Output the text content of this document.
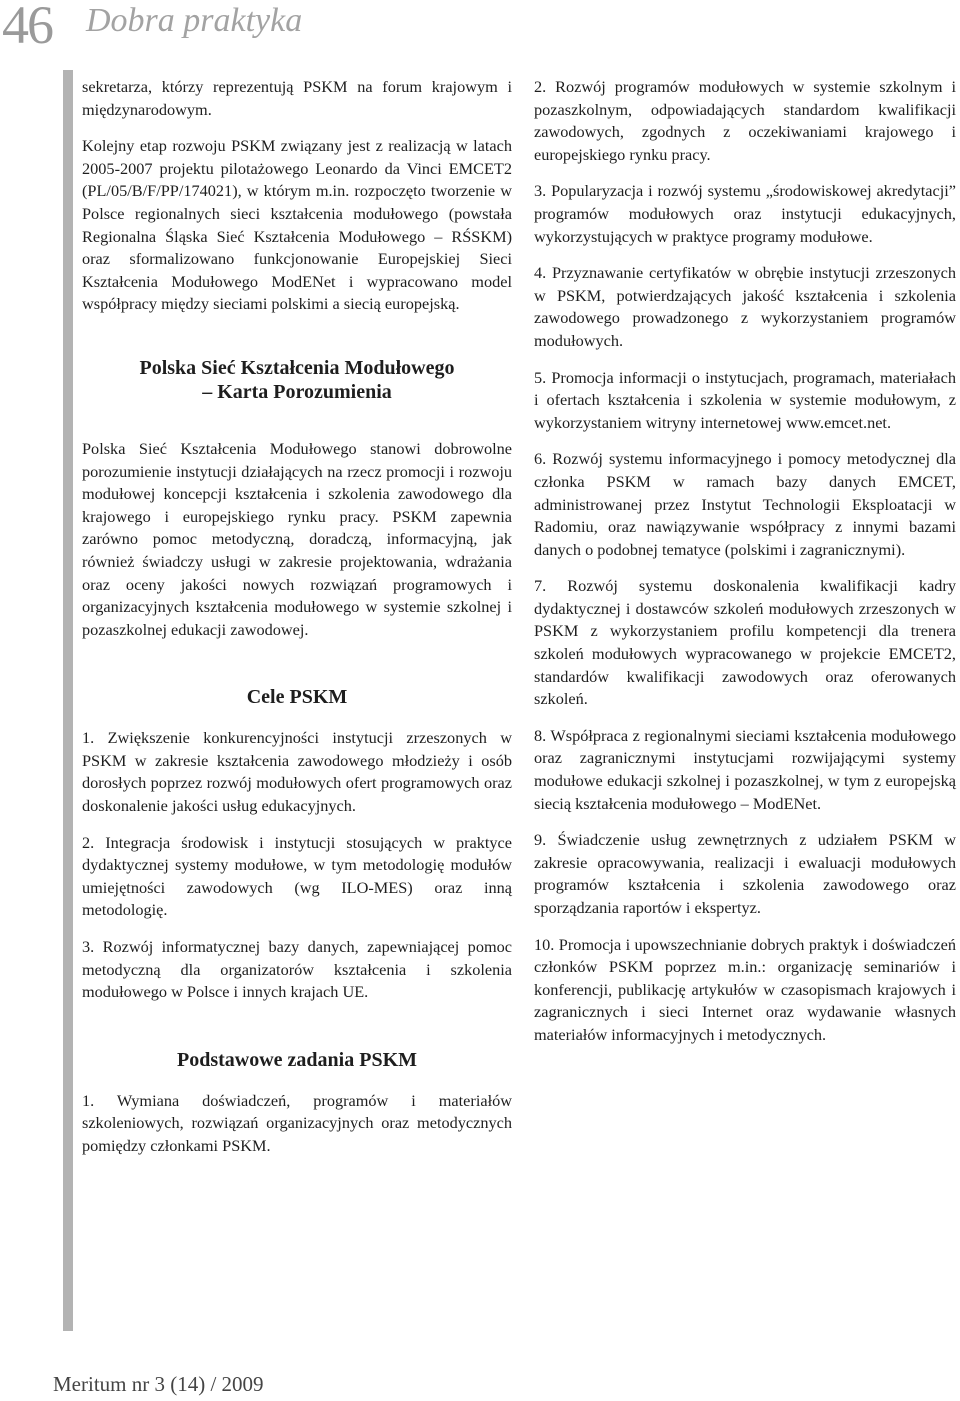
46 Dobra praktyka

sekretarza, którzy reprezentują PSKM na forum krajowym i międzynarodowym.

Kolejny etap rozwoju PSKM związany jest z realizacją w latach 2005-2007 projektu pilotażowego Leonardo da Vinci EMCET2 (PL/05/B/F/PP/174021), w którym m.in. rozpoczęto tworzenie w Polsce regionalnych sieci kształcenia modułowego (powstała Regionalna Śląska Sieć Kształcenia Modułowego – RŚSKM) oraz sformalizowano funkcjonowanie Europejskiej Sieci Kształcenia Modułowego ModENet i wypracowano model współpracy między sieciami polskimi a siecią europejską.

Polska Sieć Kształcenia Modułowego
– Karta Porozumienia

Polska Sieć Kształcenia Modułowego stanowi dobrowolne porozumienie instytucji działających na rzecz promocji i rozwoju modułowej koncepcji kształcenia i szkolenia zawodowego dla krajowego i europejskiego rynku pracy. PSKM zapewnia zarówno pomoc metodyczną, doradczą, informacyjną, jak również świadczy usługi w zakresie projektowania, wdrażania oraz oceny jakości nowych rozwiązań programowych i organizacyjnych kształcenia modułowego w systemie szkolnej i pozaszkolnej edukacji zawodowej.

Cele PSKM

1. Zwiększenie konkurencyjności instytucji zrzeszonych w PSKM w zakresie kształcenia zawodowego młodzieży i osób dorosłych poprzez rozwój modułowych ofert programowych oraz doskonalenie jakości usług edukacyjnych.

2. Integracja środowisk i instytucji stosujących w praktyce dydaktycznej systemy modułowe, w tym metodologię modułów umiejętności zawodowych (wg ILO-MES) oraz inną metodologię.

3. Rozwój informatycznej bazy danych, zapewniającej pomoc metodyczną dla organizatorów kształcenia i szkolenia modułowego w Polsce i innych krajach UE.

Podstawowe zadania PSKM

1. Wymiana doświadczeń, programów i materiałów szkoleniowych, rozwiązań organizacyjnych oraz metodycznych pomiędzy członkami PSKM.

2. Rozwój programów modułowych w systemie szkolnym i pozaszkolnym, odpowiadających standardom kwalifikacji zawodowych, zgodnych z oczekiwaniami krajowego i europejskiego rynku pracy.

3. Popularyzacja i rozwój systemu „środowiskowej akredytacji” programów modułowych oraz instytucji edukacyjnych, wykorzystujących w praktyce programy modułowe.

4. Przyznawanie certyfikatów w obrębie instytucji zrzeszonych w PSKM, potwierdzających jakość kształcenia i szkolenia zawodowego prowadzonego z wykorzystaniem programów modułowych.

5. Promocja informacji o instytucjach, programach, materiałach i ofertach kształcenia i szkolenia w systemie modułowym, z wykorzystaniem witryny internetowej www.emcet.net.

6. Rozwój systemu informacyjnego i pomocy metodycznej dla członka PSKM w ramach bazy danych EMCET, administrowanej przez Instytut Technologii Eksploatacji w Radomiu, oraz nawiązywanie współpracy z innymi bazami danych o podobnej tematyce (polskimi i zagranicznymi).

7. Rozwój systemu doskonalenia kwalifikacji kadry dydaktycznej i dostawców szkoleń modułowych zrzeszonych w PSKM z wykorzystaniem profilu kompetencji dla trenera szkoleń modułowych wypracowanego w projekcie EMCET2, standardów kwalifikacji zawodowych oraz oferowanych szkoleń.

8. Współpraca z regionalnymi sieciami kształcenia modułowego oraz zagranicznymi instytucjami rozwijającymi systemy modułowe edukacji szkolnej i pozaszkolnej, w tym z europejską siecią kształcenia modułowego – ModENet.

9. Świadczenie usług zewnętrznych z udziałem PSKM w zakresie opracowywania, realizacji i ewaluacji modułowych programów kształcenia i szkolenia zawodowego oraz sporządzania raportów i ekspertyz.

10. Promocja i upowszechnianie dobrych praktyk i doświadczeń członków PSKM poprzez m.in.: organizację seminariów i konferencji, publikację artykułów w czasopismach krajowych i zagranicznych i sieci Internet oraz wydawanie własnych materiałów informacyjnych i metodycznych.

Meritum nr 3 (14) / 2009
